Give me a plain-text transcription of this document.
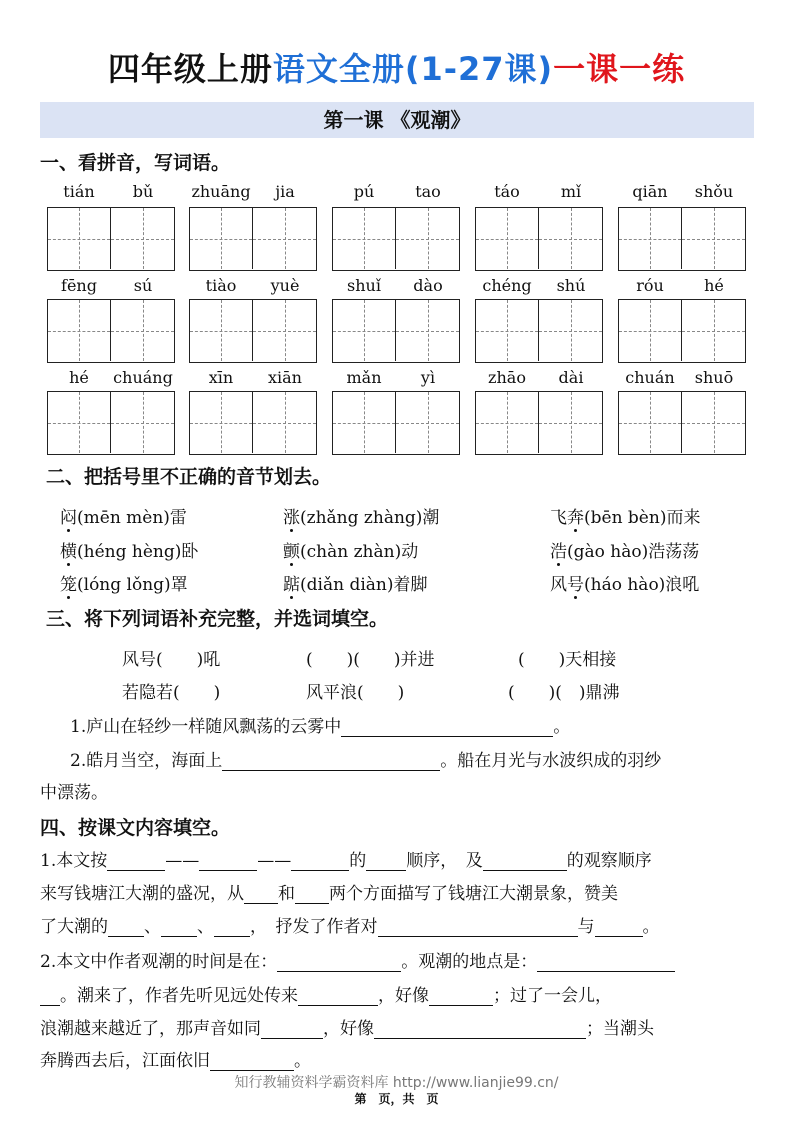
四年级上册语文全册(1-27课)一课一练
第一课 《观潮》
一、看拼音，写词语。
tián	bǔ	zhuāng	jia	pú	tao	táo	mǐ	qiān	shǒu
fēng	sú	tiào	yuè	shuǐ	dào	chéng	shú	róu	hé
hé	chuáng	xīn	xiān	mǎn	yì	zhāo	dài	chuán	shuō
二、把括号里不正确的音节划去。
闷(mēn mèn)雷	涨(zhǎng zhàng)潮	飞奔(bēn bèn)而来
横(héng hèng)卧	颤(chàn zhàn)动	浩(gào hào)浩荡荡
笼(lóng lǒng)罩	踮(diǎn diàn)着脚	风号(háo hào)浪吼
三、将下列词语补充完整，并选词填空。
风号(　　)吼	(　　)(　　)并进	(　　)天相接
若隐若(　　)	风平浪(　　)	(　　)(　)鼎沸
1.庐山在轻纱一样随风飘荡的云雾中	。
2.皓月当空，海面上	。船在月光与水波织成的羽纱
中漂荡。
四、按课文内容填空。
1.本文按	——	——	的 顺序，　及	的观察顺序
来写钱塘江大潮的盛况，从 和 两个方面描写了钱塘江大潮景象，赞美
了大潮的 、 、 ，　抒发了作者对	与	。
2.本文中作者观潮的时间是在：	。观潮的地点是：
。潮来了，作者先听见远处传来	，好像	；过了一会儿，
浪潮越来越近了，那声音如同	，好像	；当潮头
奔腾西去后，江面依旧	。
知行教辅资料学霸资料库 http://www.lianjie99.cn/
第　页，共　页
